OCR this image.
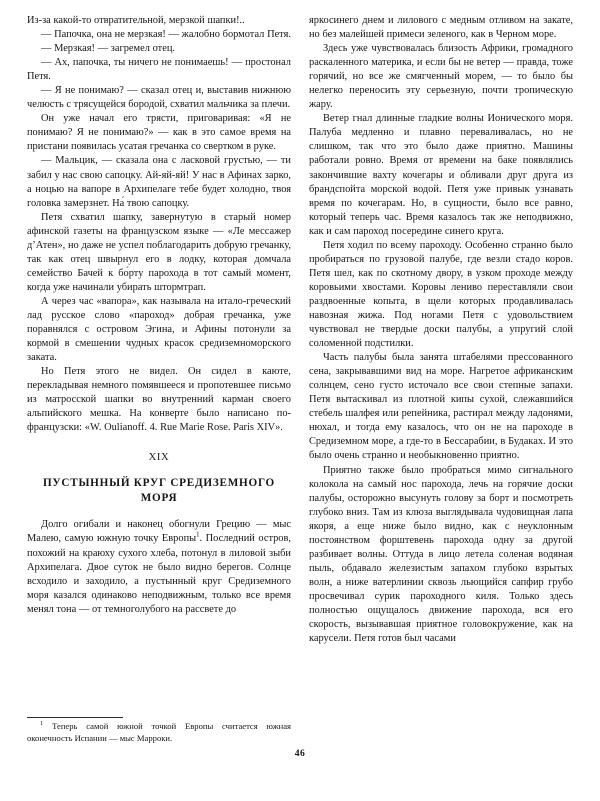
Из-за какой-то отвратительной, мерзкой шапки!..

— Папочка, она не мерзкая! — жалобно бормотал Петя.

— Мерзкая! — загремел отец.

— Ах, папочка, ты ничего не понимаешь! — простонал Петя.

— Я не понимаю? — сказал отец и, выставив нижнюю челюсть с трясущейся бородой, схватил мальчика за плечи.

Он уже начал его трясти, приговаривая: «Я не понимаю? Я не понимаю?» — как в это самое время на пристани появилась усатая гречанка со свертком в руке.

— Мальцик, — сказала она с ласковой грустью, — ти забил у нас свою сапоцку. Ай-яй-яй! У нас в Афинах зарко, а ноцью на вапоре в Архипелаге тебе будет холодно, твоя головка замерзнет. На́ твою сапоцку.

Петя схватил шапку, завернутую в старый номер афинской газеты на французском языке — «Ле мессажер д’Атен», но даже не успел поблагодарить добрую гречанку, так как отец швырнул его в лодку, которая домчала семейство Бачей к бо́рту парохода в тот самый момент, когда уже начинали убирать штормтрап.

А через час «вапора», как называла на итало-греческий лад русское слово «пароход» добрая гречанка, уже поравнялся с островом Эгина, и Афины потонули за кормой в смешении чудных красок средиземноморского заката.

Но Петя этого не видел. Он сидел в каюте, перекладывая немного помявшееся и пропотевшее письмо из матросской шапки во внутренний карман своего альпийского мешка. На конверте было написано по-французски: «W. Oulianoff. 4. Rue Marie Rose. Paris XIV».

XIX
ПУСТЫННЫЙ КРУГ СРЕДИЗЕМНОГО
МОРЯ

Долго огибали и наконец обогнули Грецию — мыс Малею, самую южную точку Европы$^1$. Последний остров, похожий на краюху сухого хлеба, потонул в лиловой зыби Архипелага. Двое суток не было видно берегов. Солнце всходило и заходило, а пустынный круг Средиземного моря казался одинаково неподвижным, только все время менял тона — от темноголубого на рассвете до

$^1$ Теперь самой южной точкой Европы считается южная оконечность Испании — мыс Марроки.

яркосинего днем и лилового с медным отливом на закате, но без малейшей примеси зеленого, как в Черном море.

Здесь уже чувствовалась близость Африки, громадного раскаленного материка, и если бы не ветер — правда, тоже горячий, но все же смягченный морем, — то было бы нелегко переносить эту серьезную, почти тропическую жару.

Ветер гнал длинные гладкие волны Ионического моря. Палуба медленно и плавно переваливалась, но не слишком, так что это было даже приятно. Машины работали ровно. Время от времени на баке появлялись закончившие вахту кочегары и обливали друг друга из брандспойта морской водой. Петя уже привык узнавать время по кочегарам. Но, в сущности, было все равно, который теперь час. Время казалось так же неподвижно, как и сам пароход посередине синего круга.

Петя ходил по всему пароходу. Особенно странно было пробираться по грузовой палубе, где везли стадо коров. Петя шел, как по скотному двору, в узком проходе между коровьими хвостами. Коровы лениво переставляли свои раздвоенные копыта, в щели которых продавливалась навозная жижа. Под ногами Петя с удовольствием чувствовал не твердые доски палубы, а упругий слой соломенной подстилки.

Часть палубы была занята штабелями прессованного сена, закрывавшими вид на море. Нагретое африканским солнцем, сено густо источало все свои степные запахи. Петя вытаскивал из плотной кипы сухой, слежавшийся стебель шалфея или репейника, растирал между ладонями, нюхал, и тогда ему казалось, что он не на пароходе в Средиземном море, а где-то в Бессарабии, в Будаках. И это было очень странно и необыкновенно приятно.

Приятно также было пробраться мимо сигнального колокола на самый нос парохода, лечь на горячие доски палубы, осторожно высунуть голову за борт и посмотреть глубоко вниз. Там из клюза выглядывала чудовищная лапа якоря, а еще ниже было видно, как с неуклонным постоянством форштевень парохода одну за другой разбивает волны. Оттуда в лицо летела соленая водяная пыль, обдавало железистым запахом глубоко взрытых волн, а ниже ватерлинии сквозь льющийся сапфир грубо просвечивал сурик пароходного киля. Только здесь полностью ощущалось движение парохода, вся его скорость, вызывавшая приятное головокружение, как на карусели. Петя готов был часами

46
